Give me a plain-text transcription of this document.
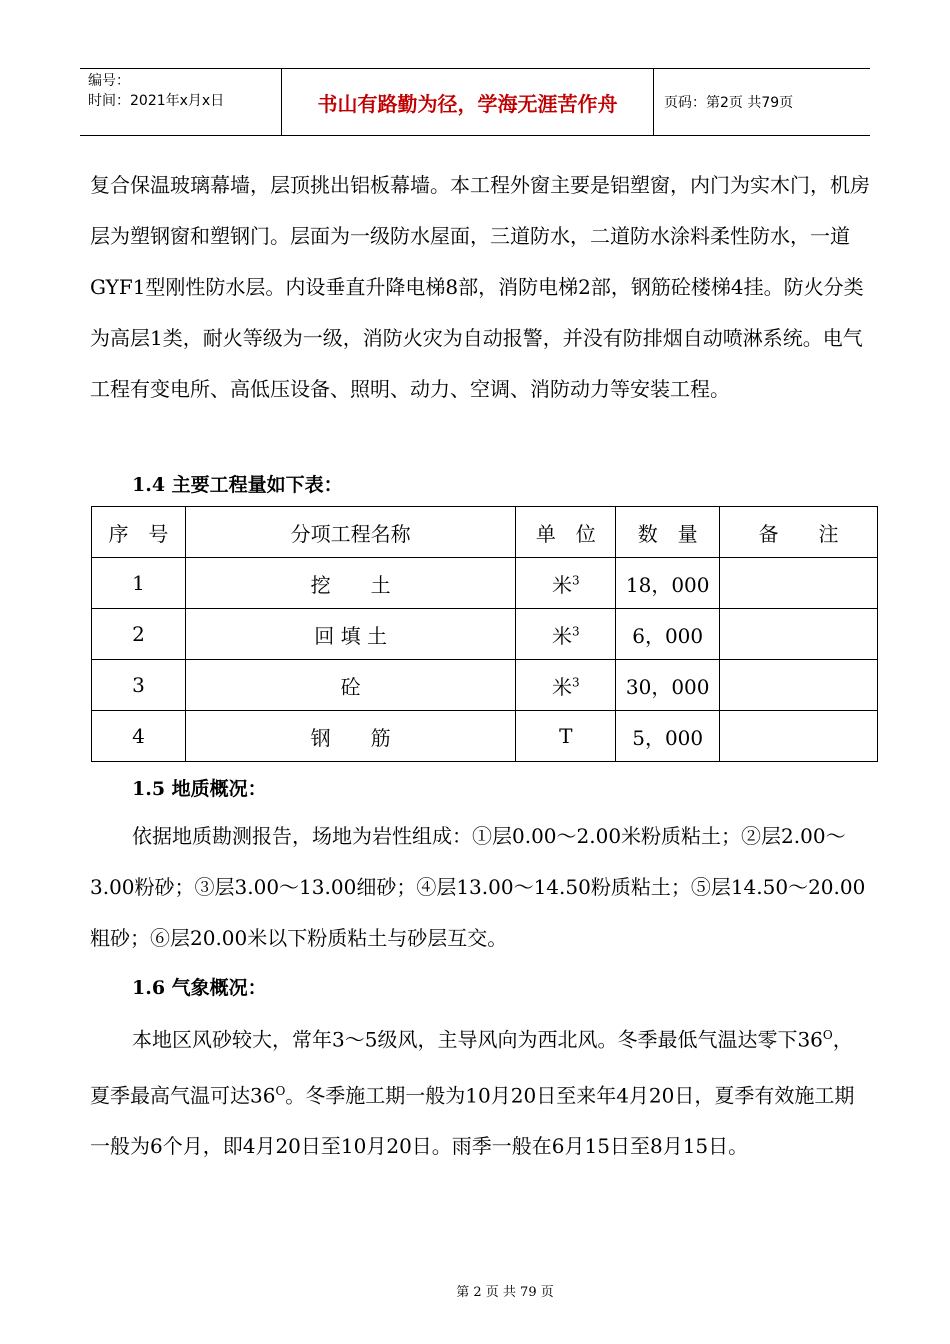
编号：
时间：2021年x月x日	书山有路勤为径，学海无涯苦作舟	页码：第2页 共79页

复合保温玻璃幕墙，层顶挑出铝板幕墙。本工程外窗主要是铝塑窗，内门为实木门，机房层为塑钢窗和塑钢门。层面为一级防水屋面，三道防水，二道防水涂料柔性防水，一道GYF1型刚性防水层。内设垂直升降电梯8部，消防电梯2部，钢筋砼楼梯4挂。防火分类为高层1类，耐火等级为一级，消防火灾为自动报警，并没有防排烟自动喷淋系统。电气工程有变电所、高低压设备、照明、动力、空调、消防动力等安装工程。

1.4 主要工程量如下表：

序　号	分项工程名称	单　位	数　量	备　　注
1	挖　　土	米$^3$	18，000	
2	回 填 土	米$^3$	6，000	
3	砼	米$^3$	30，000	
4	钢　　筋	T	5，000	

1.5 地质概况：

依据地质勘测报告，场地为岩性组成：①层0.00～2.00米粉质粘土；②层2.00～3.00粉砂；③层3.00～13.00细砂；④层13.00～14.50粉质粘土；⑤层14.50～20.00粗砂；⑥层20.00米以下粉质粘土与砂层互交。

1.6 气象概况：

本地区风砂较大，常年3～5级风，主导风向为西北风。冬季最低气温达零下$36^O$，夏季最高气温可达$36^O$。冬季施工期一般为10月20日至来年4月20日，夏季有效施工期一般为6个月，即4月20日至10月20日。雨季一般在6月15日至8月15日。

第 2 页 共 79 页
